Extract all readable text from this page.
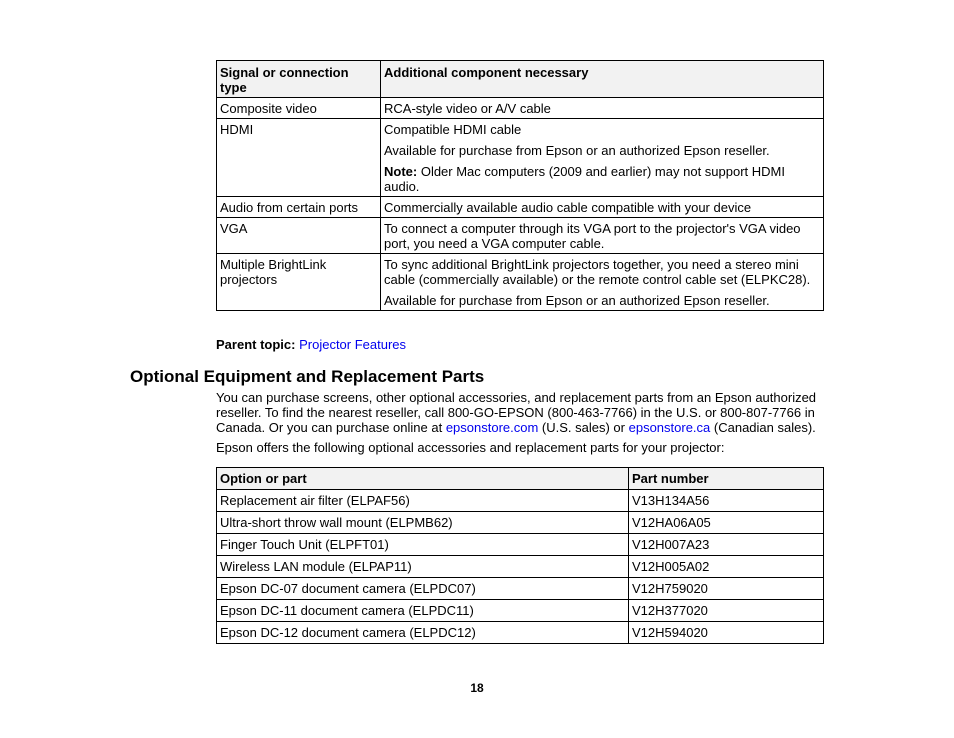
Signal or connection type	Additional component necessary
Composite video	RCA-style video or A/V cable

HDMI	Compatible HDMI cable
Available for purchase from Epson or an authorized Epson reseller.
Note: Older Mac computers (2009 and earlier) may not support HDMI audio.

Audio from certain ports	Commercially available audio cable compatible with your device

VGA	To connect a computer through its VGA port to the projector's VGA video port, you need a VGA computer cable.

Multiple BrightLink projectors	To sync additional BrightLink projectors together, you need a stereo mini cable (commercially available) or the remote control cable set (ELPKC28).
Available for purchase from Epson or an authorized Epson reseller.
Parent topic: Projector Features
Optional Equipment and Replacement Parts
You can purchase screens, other optional accessories, and replacement parts from an Epson authorized reseller. To find the nearest reseller, call 800-GO-EPSON (800-463-7766) in the U.S. or 800-807-7766 in Canada. Or you can purchase online at epsonstore.com (U.S. sales) or epsonstore.ca (Canadian sales).
Epson offers the following optional accessories and replacement parts for your projector:
Option or part	Part number
Replacement air filter (ELPAF56)	V13H134A56
Ultra-short throw wall mount (ELPMB62)	V12HA06A05
Finger Touch Unit (ELPFT01)	V12H007A23
Wireless LAN module (ELPAP11)	V12H005A02
Epson DC-07 document camera (ELPDC07)	V12H759020
Epson DC-11 document camera (ELPDC11)	V12H377020
Epson DC-12 document camera (ELPDC12)	V12H594020
18
